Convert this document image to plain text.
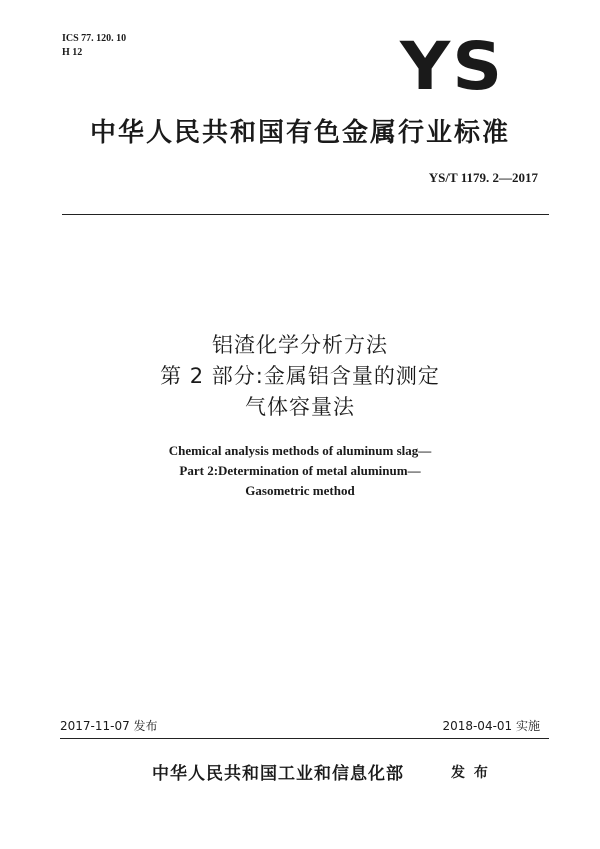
ICS 77. 120. 10
H 12	YS
中华人民共和国有色金属行业标准
YS/T 1179. 2—2017
铝渣化学分析方法
第 2 部分:金属铝含量的测定
气体容量法
Chemical analysis methods of aluminum slag—
Part 2:Determination of metal aluminum—
Gasometric method
2017-11-07 发布	2018-04-01 实施
中华人民共和国工业和信息化部	发 布
